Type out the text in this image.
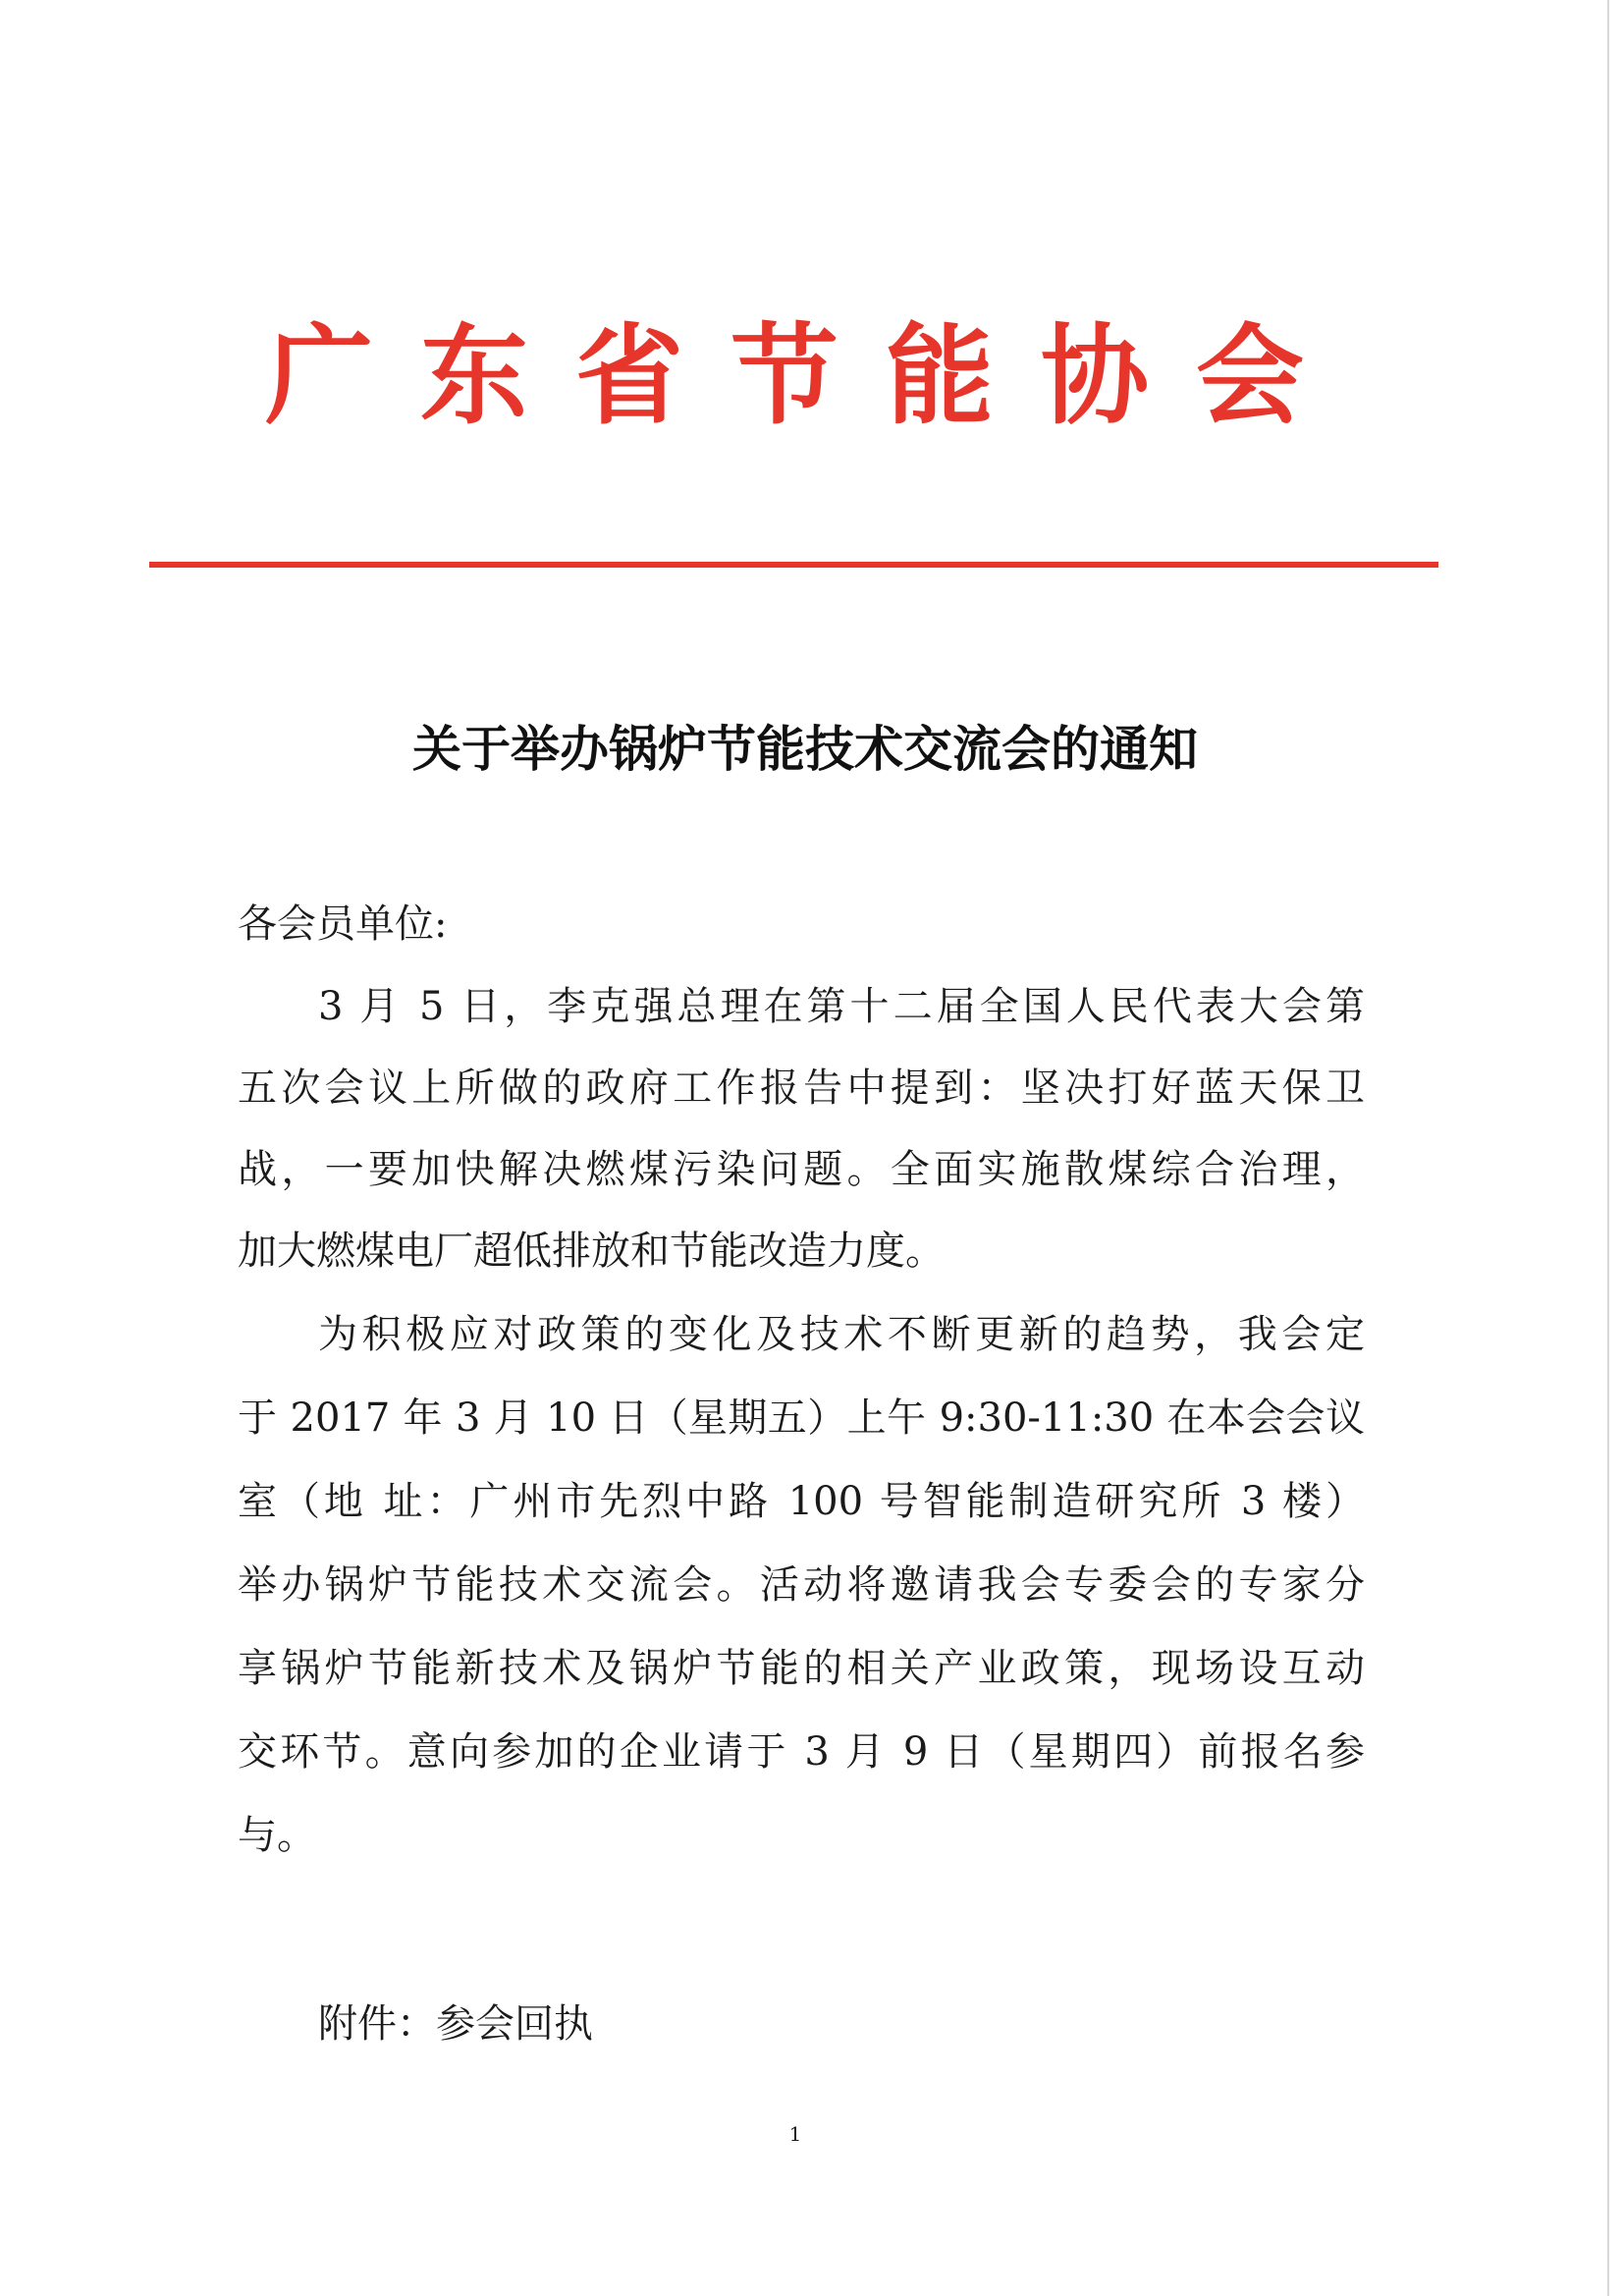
广东省节能协会
关于举办锅炉节能技术交流会的通知

各会员单位:

3 月 5 日，李克强总理在第十二届全国人民代表大会第

五次会议上所做的政府工作报告中提到：坚决打好蓝天保卫

战，一要加快解决燃煤污染问题。全面实施散煤综合治理，

加大燃煤电厂超低排放和节能改造力度。

为积极应对政策的变化及技术不断更新的趋势，我会定

于 2017 年 3 月 10 日（星期五）上午 9:30-11:30 在本会会议

室（地 址：广州市先烈中路 100 号智能制造研究所 3 楼）

举办锅炉节能技术交流会。活动将邀请我会专委会的专家分

享锅炉节能新技术及锅炉节能的相关产业政策，现场设互动

交环节。意向参加的企业请于 3 月 9 日（星期四）前报名参

与。

附件：参会回执

1
